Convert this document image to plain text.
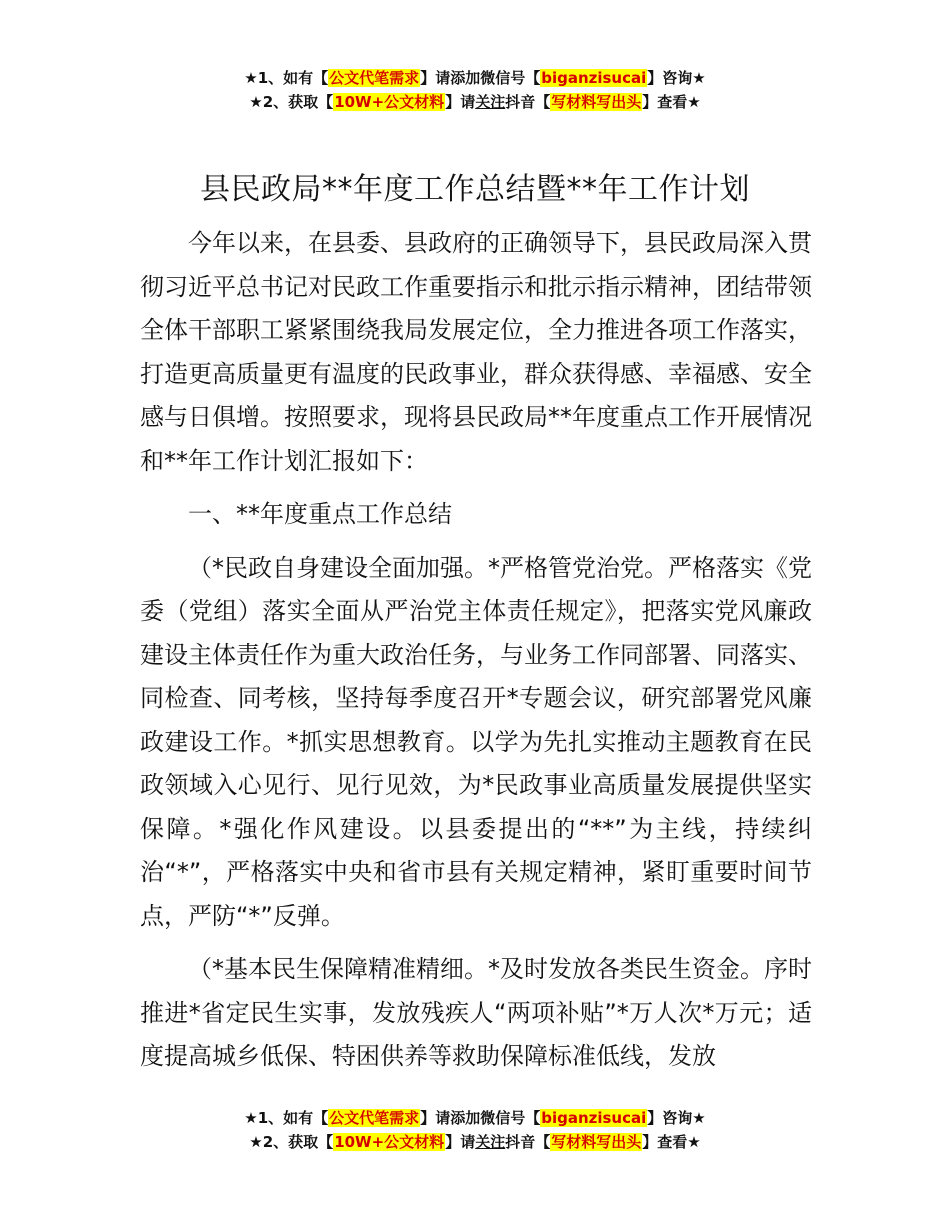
★1、如有【公文代笔需求】请添加微信号【biganzisucai】咨询★
★2、获取【10W+公文材料】请关注抖音【写材料写出头】查看★
县民政局**年度工作总结暨**年工作计划

今年以来，在县委、县政府的正确领导下，县民政局深入贯彻习近平总书记对民政工作重要指示和批示指示精神，团结带领全体干部职工紧紧围绕我局发展定位，全力推进各项工作落实，打造更高质量更有温度的民政事业，群众获得感、幸福感、安全感与日俱增。按照要求，现将县民政局**年度重点工作开展情况和**年工作计划汇报如下：

一、**年度重点工作总结

（*民政自身建设全面加强。*严格管党治党。严格落实《党委（党组）落实全面从严治党主体责任规定》，把落实党风廉政建设主体责任作为重大政治任务，与业务工作同部署、同落实、同检查、同考核，坚持每季度召开*专题会议，研究部署党风廉政建设工作。*抓实思想教育。以学为先扎实推动主题教育在民政领域入心见行、见行见效，为*民政事业高质量发展提供坚实保障。*强化作风建设。以县委提出的“**”为主线，持续纠治“*”，严格落实中央和省市县有关规定精神，紧盯重要时间节点，严防“*”反弹。

（*基本民生保障精准精细。*及时发放各类民生资金。序时推进*省定民生实事，发放残疾人“两项补贴”*万人次*万元；适度提高城乡低保、特困供养等救助保障标准低线，发放

★1、如有【公文代笔需求】请添加微信号【biganzisucai】咨询★
★2、获取【10W+公文材料】请关注抖音【写材料写出头】查看★
